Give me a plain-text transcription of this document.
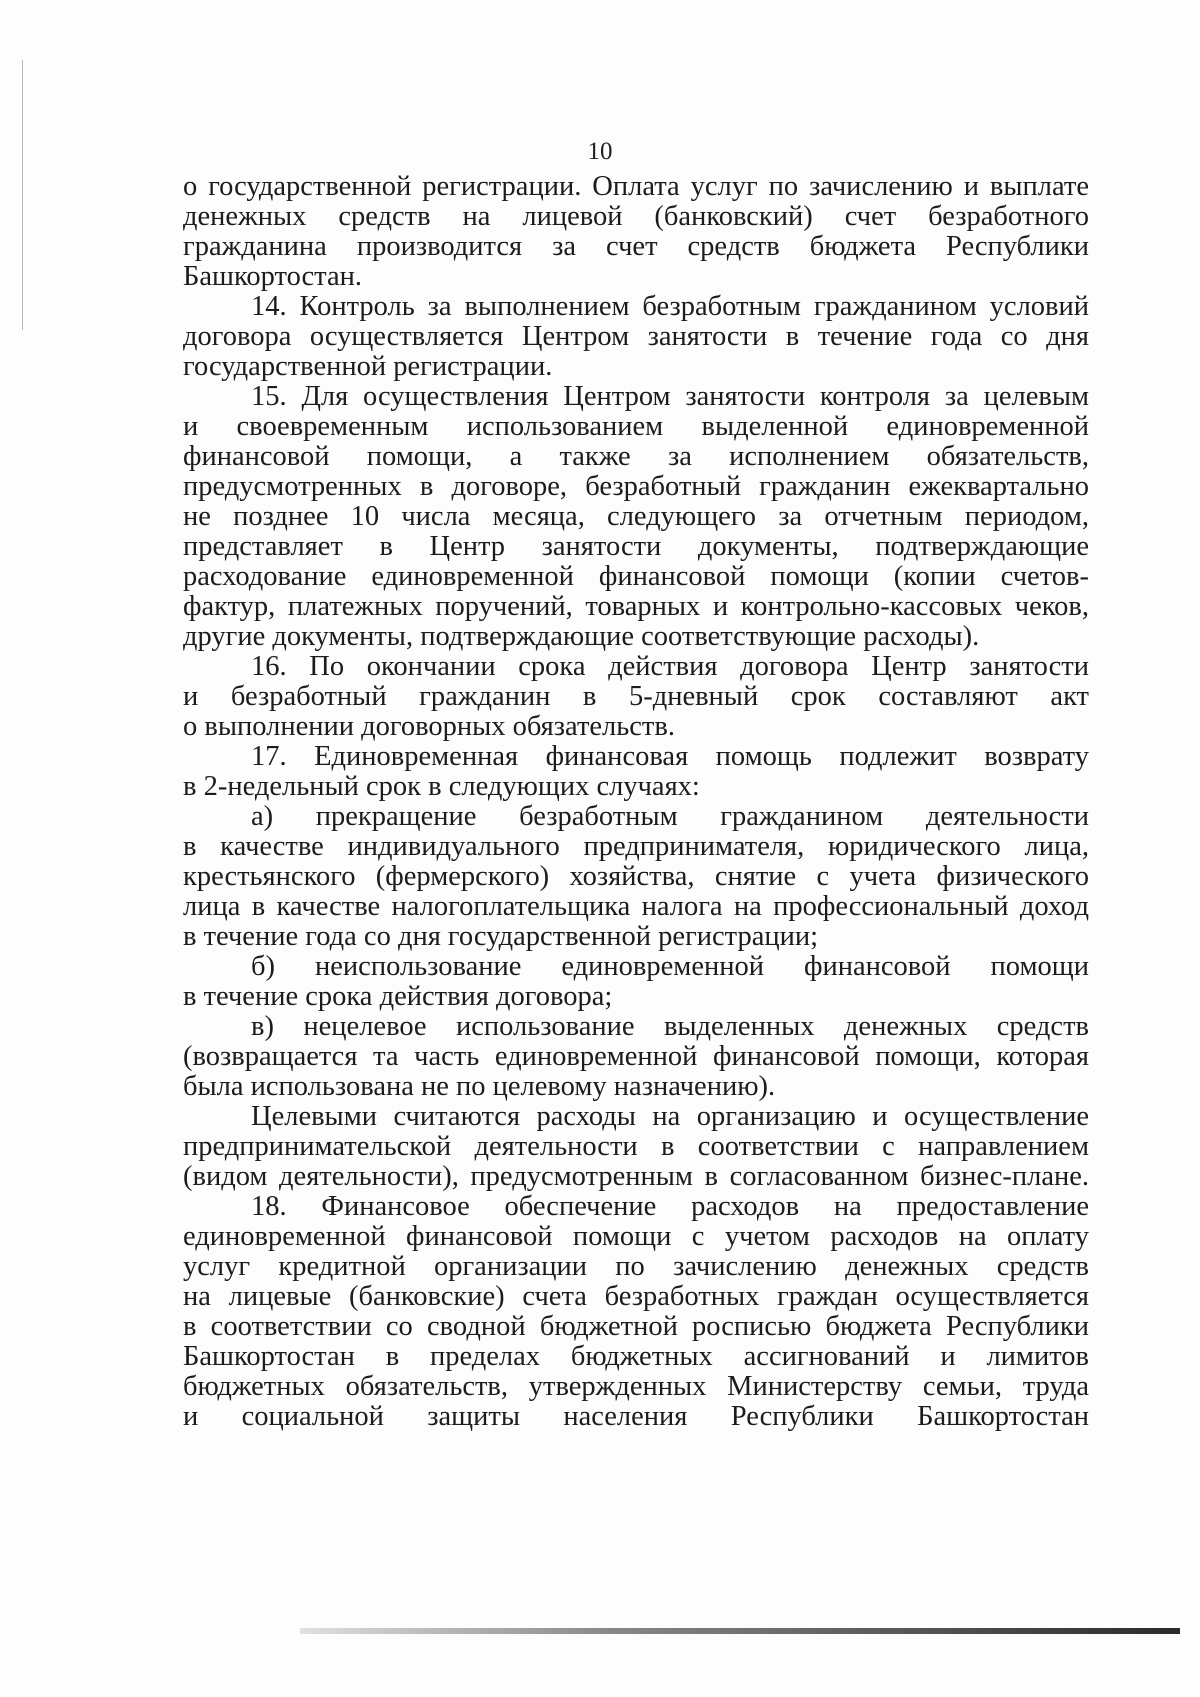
10
о государственной регистрации. Оплата услуг по зачислению и выплате
денежных средств на лицевой (банковский) счет безработного
гражданина производится за счет средств бюджета Республики
Башкортостан.
14. Контроль за выполнением безработным гражданином условий
договора осуществляется Центром занятости в течение года со дня
государственной регистрации.
15. Для осуществления Центром занятости контроля за целевым
и своевременным использованием выделенной единовременной
финансовой помощи, а также за исполнением обязательств,
предусмотренных в договоре, безработный гражданин ежеквартально
не позднее 10 числа месяца, следующего за отчетным периодом,
представляет в Центр занятости документы, подтверждающие
расходование единовременной финансовой помощи (копии счетов-
фактур, платежных поручений, товарных и контрольно-кассовых чеков,
другие документы, подтверждающие соответствующие расходы).
16. По окончании срока действия договора Центр занятости
и безработный гражданин в 5-дневный срок составляют акт
о выполнении договорных обязательств.
17. Единовременная финансовая помощь подлежит возврату
в 2-недельный срок в следующих случаях:
а) прекращение безработным гражданином деятельности
в качестве индивидуального предпринимателя, юридического лица,
крестьянского (фермерского) хозяйства, снятие с учета физического
лица в качестве налогоплательщика налога на профессиональный доход
в течение года со дня государственной регистрации;
б) неиспользование единовременной финансовой помощи
в течение срока действия договора;
в) нецелевое использование выделенных денежных средств
(возвращается та часть единовременной финансовой помощи, которая
была использована не по целевому назначению).
Целевыми считаются расходы на организацию и осуществление
предпринимательской деятельности в соответствии с направлением
(видом деятельности), предусмотренным в согласованном бизнес-плане.
18. Финансовое обеспечение расходов на предоставление
единовременной финансовой помощи с учетом расходов на оплату
услуг кредитной организации по зачислению денежных средств
на лицевые (банковские) счета безработных граждан осуществляется
в соответствии со сводной бюджетной росписью бюджета Республики
Башкортостан в пределах бюджетных ассигнований и лимитов
бюджетных обязательств, утвержденных Министерству семьи, труда
и социальной защиты населения Республики Башкортостан
